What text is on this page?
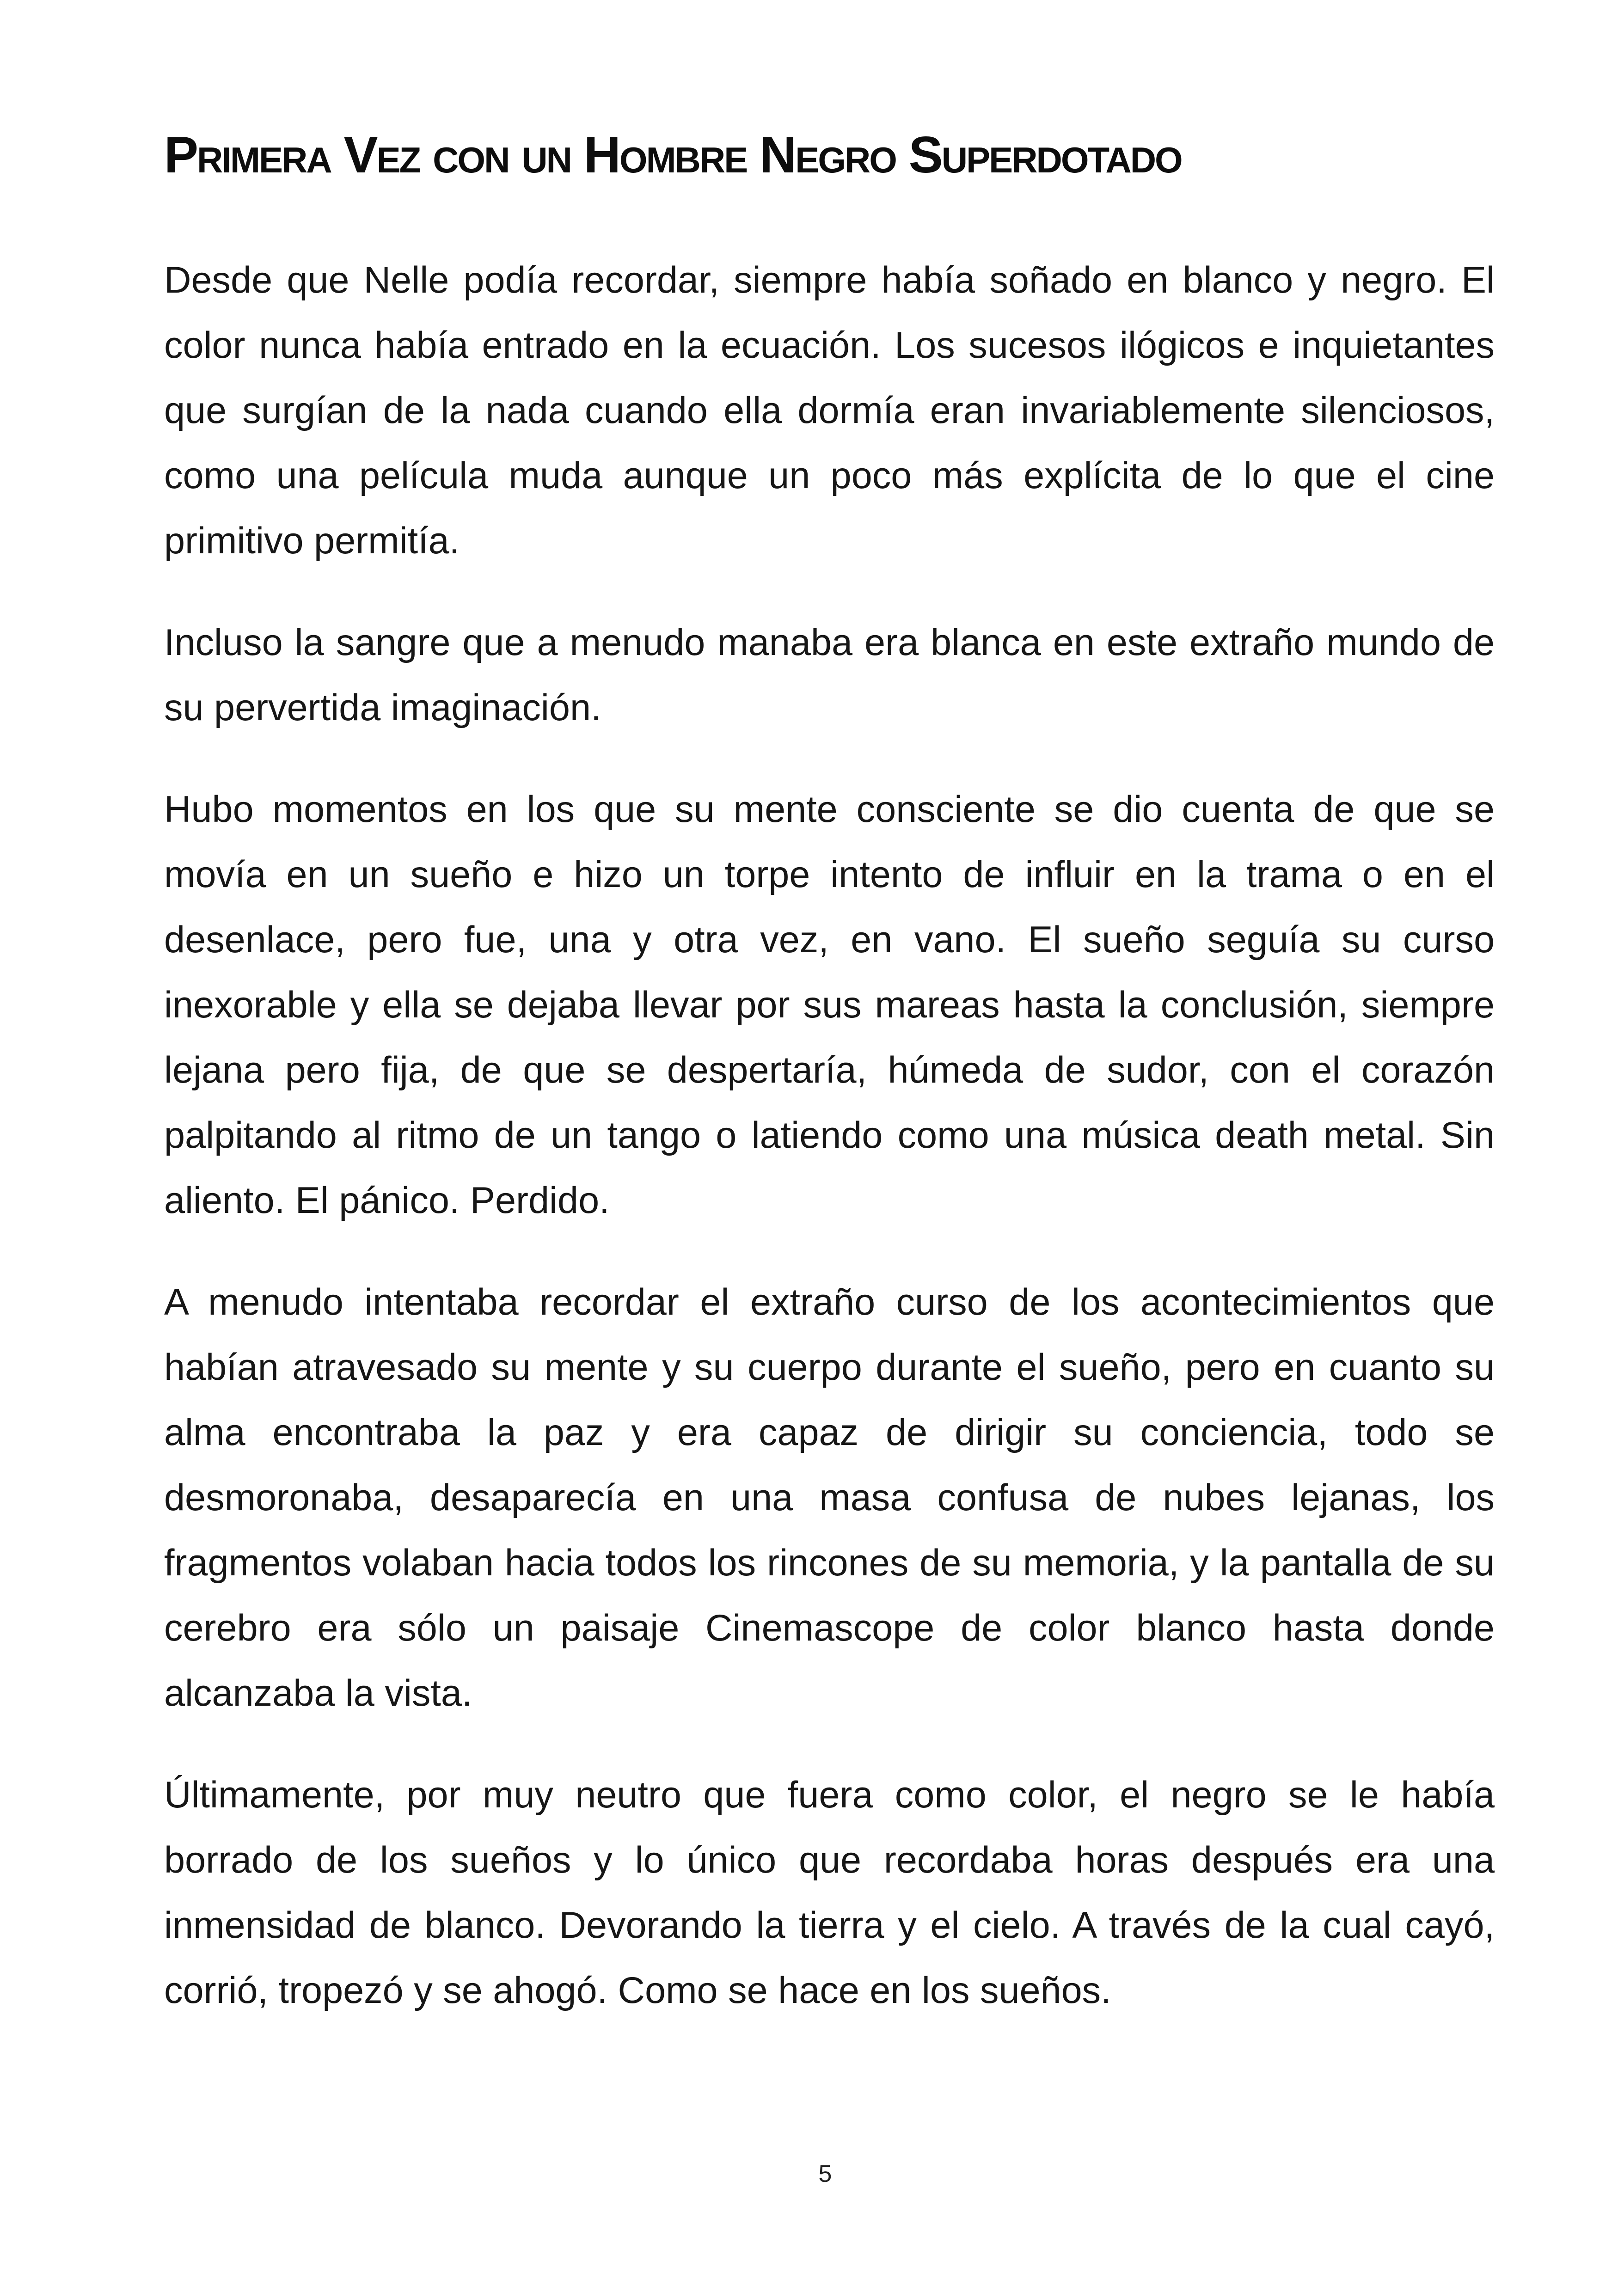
Primera Vez con un Hombre Negro Superdotado

Desde que Nelle podía recordar, siempre había soñado en blanco y negro. El color nunca había entrado en la ecuación. Los sucesos ilógicos e inquietantes que surgían de la nada cuando ella dormía eran invariablemente silenciosos, como una película muda aunque un poco más explícita de lo que el cine primitivo permitía.

Incluso la sangre que a menudo manaba era blanca en este extraño mundo de su pervertida imaginación.

Hubo momentos en los que su mente consciente se dio cuenta de que se movía en un sueño e hizo un torpe intento de influir en la trama o en el desenlace, pero fue, una y otra vez, en vano. El sueño seguía su curso inexorable y ella se dejaba llevar por sus mareas hasta la conclusión, siempre lejana pero fija, de que se despertaría, húmeda de sudor, con el corazón palpitando al ritmo de un tango o latiendo como una música death metal. Sin aliento. El pánico. Perdido.

A menudo intentaba recordar el extraño curso de los acontecimientos que habían atravesado su mente y su cuerpo durante el sueño, pero en cuanto su alma encontraba la paz y era capaz de dirigir su conciencia, todo se desmoronaba, desaparecía en una masa confusa de nubes lejanas, los fragmentos volaban hacia todos los rincones de su memoria, y la pantalla de su cerebro era sólo un paisaje Cinemascope de color blanco hasta donde alcanzaba la vista.

Últimamente, por muy neutro que fuera como color, el negro se le había borrado de los sueños y lo único que recordaba horas después era una inmensidad de blanco. Devorando la tierra y el cielo. A través de la cual cayó, corrió, tropezó y se ahogó. Como se hace en los sueños.

5
